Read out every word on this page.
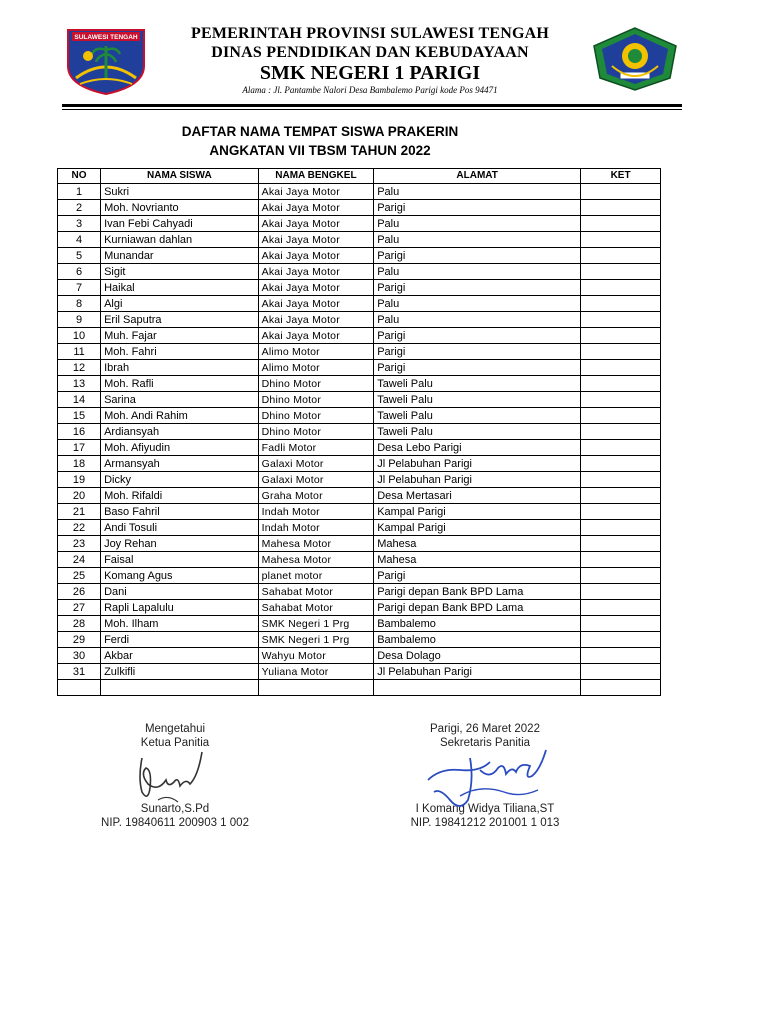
SULAWESI TENGAH	PEMERINTAH PROVINSI SULAWESI TENGAH
DINAS PENDIDIKAN DAN KEBUDAYAAN
SMK NEGERI 1 PARIGI
Alama : Jl. Pantambe Nalori Desa Bambalemo Parigi kode Pos 94471
DAFTAR NAMA TEMPAT SISWA PRAKERIN
ANGKATAN VII TBSM TAHUN 2022
NO	NAMA SISWA	NAMA BENGKEL	ALAMAT	KET
1	Sukri	Akai Jaya Motor	Palu	
2	Moh. Novrianto	Akai Jaya Motor	Parigi	
3	Ivan Febi Cahyadi	Akai Jaya Motor	Palu	
4	Kurniawan dahlan	Akai Jaya Motor	Palu	
5	Munandar	Akai Jaya Motor	Parigi	
6	Sigit	Akai Jaya Motor	Palu	
7	Haikal	Akai Jaya Motor	Parigi	
8	Algi	Akai Jaya Motor	Palu	
9	Eril Saputra	Akai Jaya Motor	Palu	
10	Muh. Fajar	Akai Jaya Motor	Parigi	
11	Moh. Fahri	Alimo Motor	Parigi	
12	Ibrah	Alimo Motor	Parigi	
13	Moh. Rafli	Dhino Motor	Taweli Palu	
14	Sarina	Dhino Motor	Taweli Palu	
15	Moh. Andi Rahim	Dhino Motor	Taweli Palu	
16	Ardiansyah	Dhino Motor	Taweli Palu	
17	Moh. Afiyudin	Fadli Motor	Desa Lebo Parigi	
18	Armansyah	Galaxi Motor	Jl Pelabuhan Parigi	
19	Dicky	Galaxi Motor	Jl Pelabuhan Parigi	
20	Moh. Rifaldi	Graha Motor	Desa Mertasari	
21	Baso Fahril	Indah Motor	Kampal Parigi	
22	Andi Tosuli	Indah Motor	Kampal Parigi	
23	Joy Rehan	Mahesa Motor	Mahesa	
24	Faisal	Mahesa Motor	Mahesa	
25	Komang Agus	planet motor	Parigi	
26	Dani	Sahabat Motor	Parigi depan Bank BPD Lama	
27	Rapli Lapalulu	Sahabat Motor	Parigi depan Bank BPD Lama	
28	Moh. Ilham	SMK Negeri 1 Prg	Bambalemo	
29	Ferdi	SMK Negeri 1 Prg	Bambalemo	
30	Akbar	Wahyu Motor	Desa Dolago	
31	Zulkifli	Yuliana Motor	Jl Pelabuhan Parigi	

Mengetahui
Ketua Panitia
Sunarto,S.Pd
NIP. 19840611 200903 1 002
Parigi, 26 Maret 2022
Sekretaris Panitia
I Komang Widya Tiliana,ST
NIP. 19841212 201001 1 013
